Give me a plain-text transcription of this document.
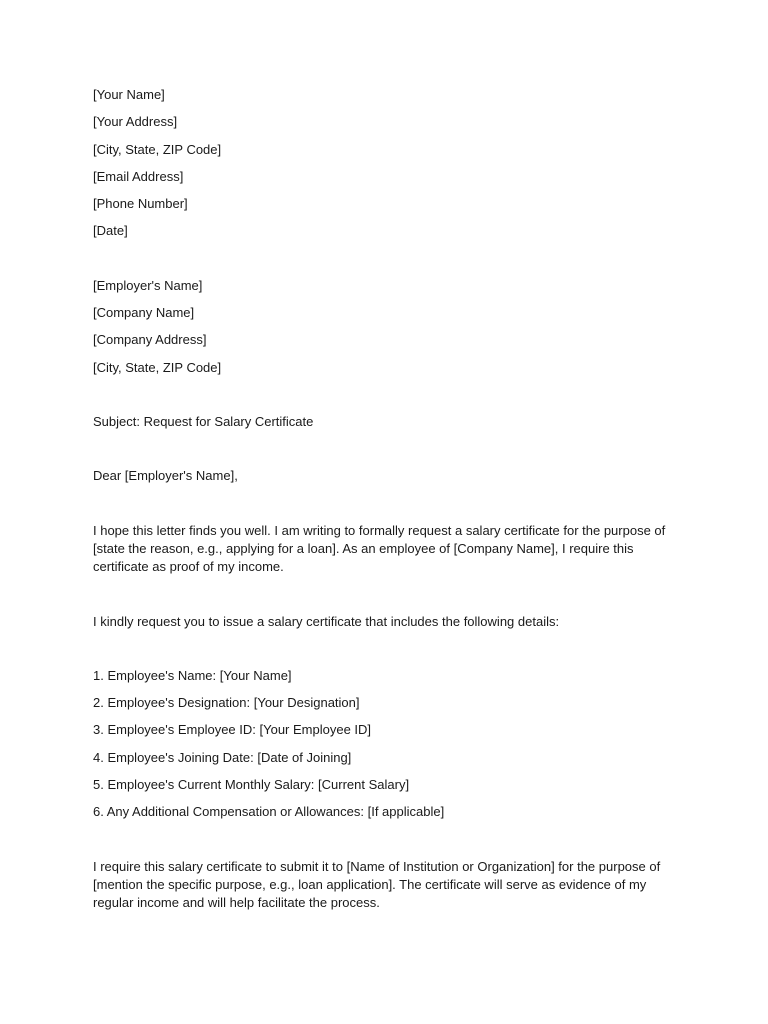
[Your Name]
[Your Address]
[City, State, ZIP Code]
[Email Address]
[Phone Number]
[Date]
[Employer's Name]
[Company Name]
[Company Address]
[City, State, ZIP Code]
Subject: Request for Salary Certificate
Dear [Employer's Name],

I hope this letter finds you well. I am writing to formally request a salary certificate for the purpose of [state the reason, e.g., applying for a loan]. As an employee of [Company Name], I require this certificate as proof of my income.

I kindly request you to issue a salary certificate that includes the following details:
1. Employee's Name: [Your Name]
2. Employee's Designation: [Your Designation]
3. Employee's Employee ID: [Your Employee ID]
4. Employee's Joining Date: [Date of Joining]
5. Employee's Current Monthly Salary: [Current Salary]
6. Any Additional Compensation or Allowances: [If applicable]

I require this salary certificate to submit it to [Name of Institution or Organization] for the purpose of [mention the specific purpose, e.g., loan application]. The certificate will serve as evidence of my regular income and will help facilitate the process.
